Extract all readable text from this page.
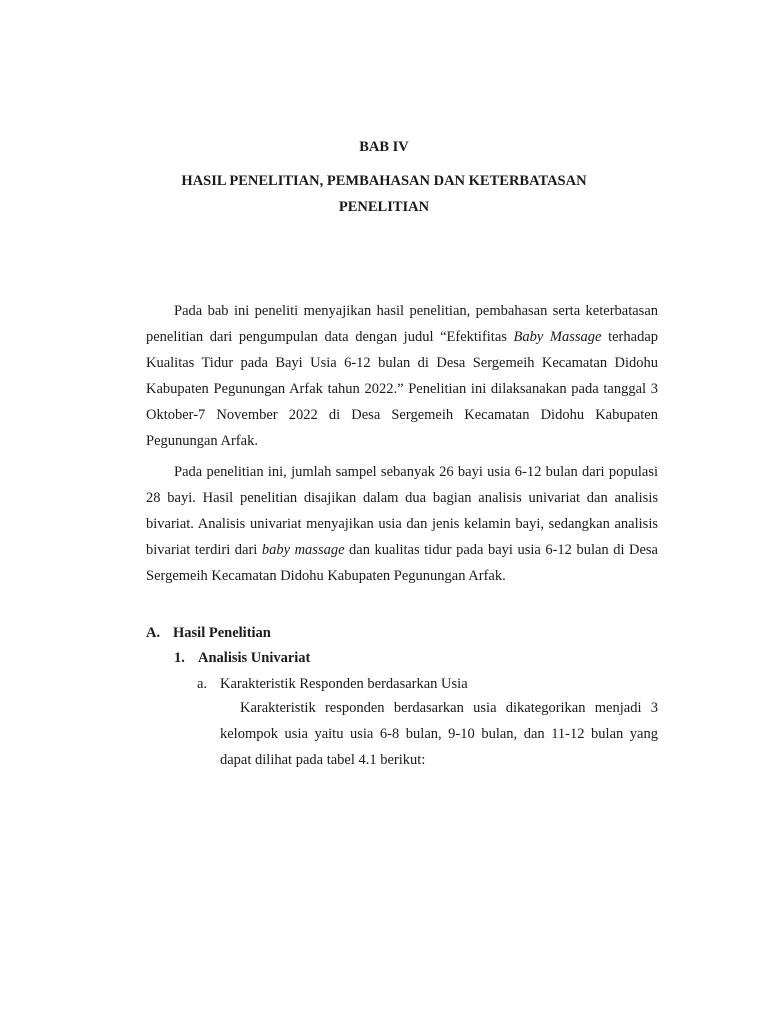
BAB IV
HASIL PENELITIAN, PEMBAHASAN DAN KETERBATASAN
PENELITIAN

Pada bab ini peneliti menyajikan hasil penelitian, pembahasan serta keterbatasan penelitian dari pengumpulan data dengan judul “Efektifitas Baby Massage terhadap Kualitas Tidur pada Bayi Usia 6-12 bulan di Desa Sergemeih Kecamatan Didohu Kabupaten Pegunungan Arfak tahun 2022.” Penelitian ini dilaksanakan pada tanggal 3 Oktober-7 November 2022 di Desa Sergemeih Kecamatan Didohu Kabupaten Pegunungan Arfak.

Pada penelitian ini, jumlah sampel sebanyak 26 bayi usia 6-12 bulan dari populasi 28 bayi. Hasil penelitian disajikan dalam dua bagian analisis univariat dan analisis bivariat. Analisis univariat menyajikan usia dan jenis kelamin bayi, sedangkan analisis bivariat terdiri dari baby massage dan kualitas tidur pada bayi usia 6-12 bulan di Desa Sergemeih Kecamatan Didohu Kabupaten Pegunungan Arfak.

A. Hasil Penelitian
1. Analisis Univariat
a. Karakteristik Responden berdasarkan Usia

Karakteristik responden berdasarkan usia dikategorikan menjadi 3 kelompok usia yaitu usia 6-8 bulan, 9-10 bulan, dan 11-12 bulan yang dapat dilihat pada tabel 4.1 berikut:
